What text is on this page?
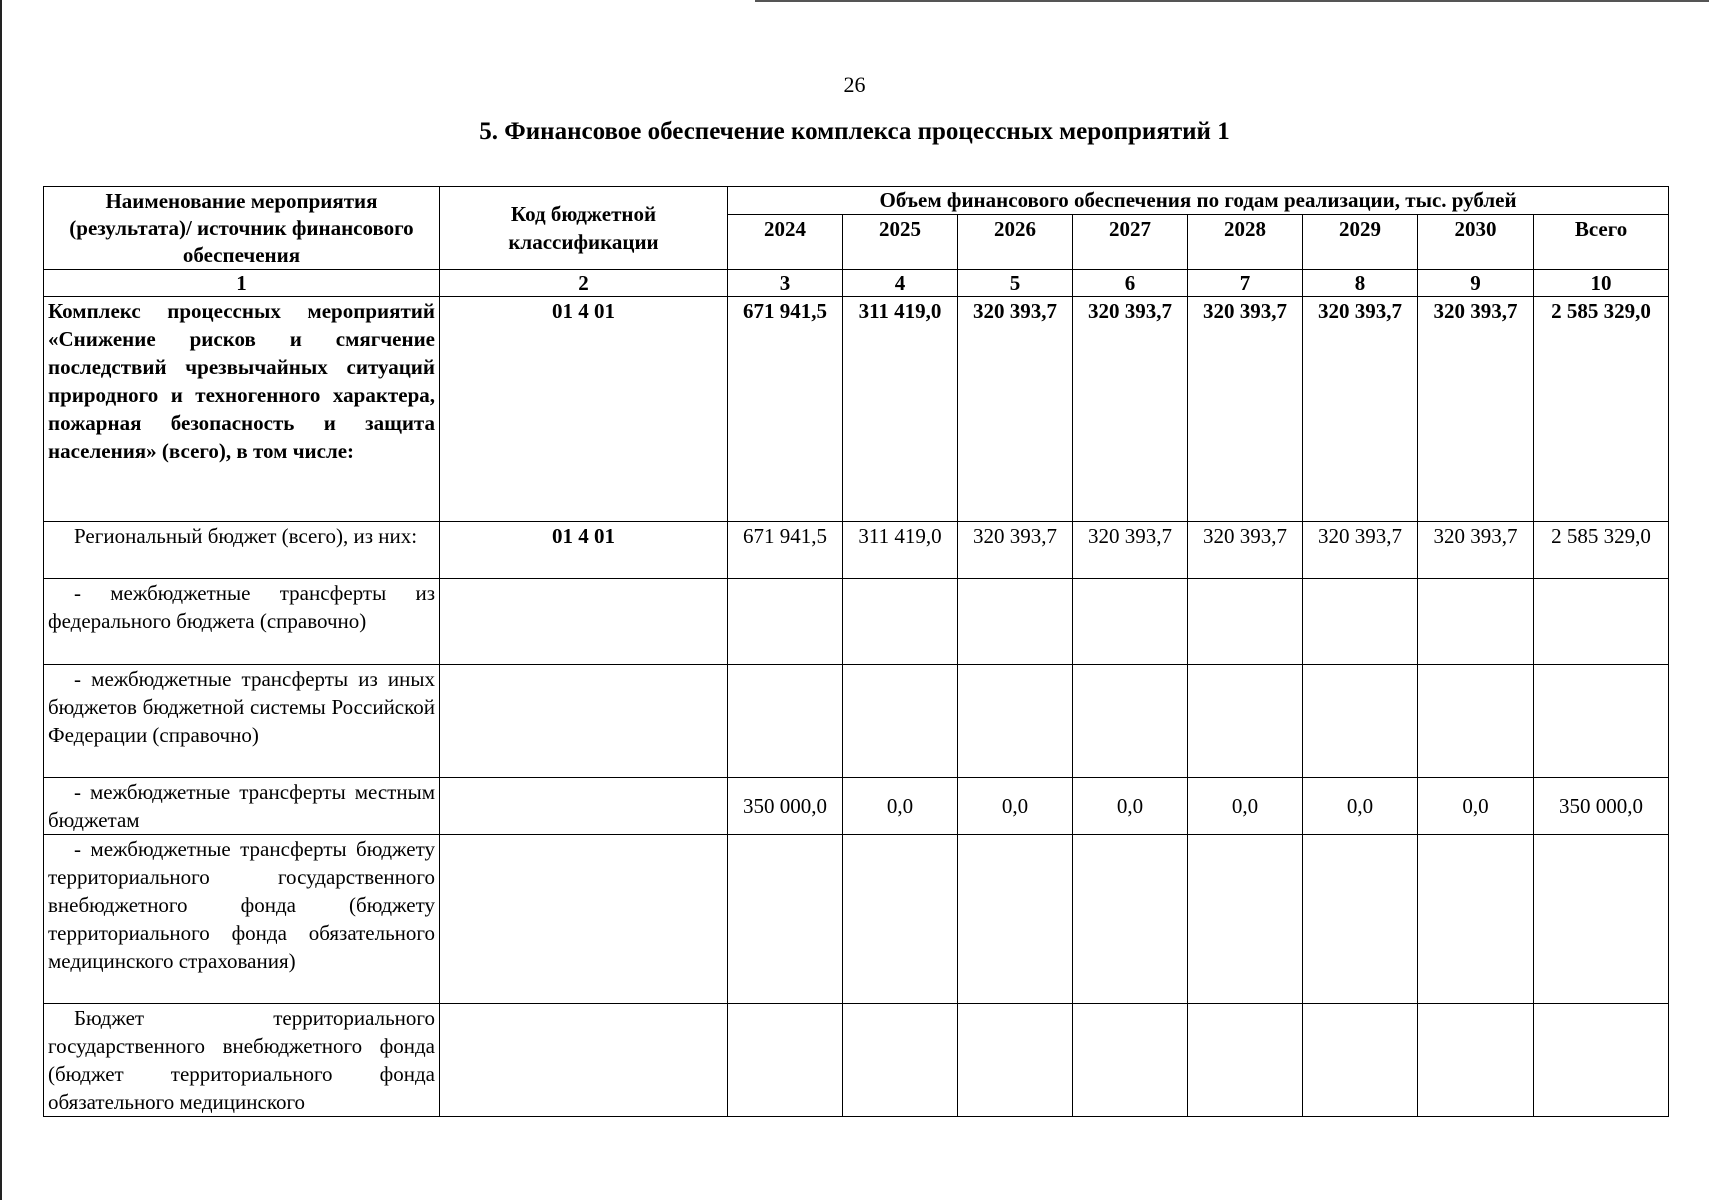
26
5. Финансовое обеспечение комплекса процессных мероприятий 1
Наименование мероприятия (результата)/ источник финансового обеспечения	Код бюджетной классификации	Объем финансового обеспечения по годам реализации, тыс. рублей							
		2024	2025	2026	2027	2028	2029	2030	Всего
1	2	3	4	5	6	7	8	9	10
Комплекс процессных мероприятий «Снижение рисков и смягчение последствий чрезвычайных ситуаций природного и техногенного характера, пожарная безопасность и защита населения» (всего), в том числе:	01 4 01	671 941,5	311 419,0	320 393,7	320 393,7	320 393,7	320 393,7	320 393,7	2 585 329,0
Региональный бюджет (всего), из них:	01 4 01	671 941,5	311 419,0	320 393,7	320 393,7	320 393,7	320 393,7	320 393,7	2 585 329,0
- межбюджетные трансферты из федерального бюджета (справочно)									
- межбюджетные трансферты из иных бюджетов бюджетной системы Российской Федерации (справочно)									
- межбюджетные трансферты местным бюджетам		350 000,0	0,0	0,0	0,0	0,0	0,0	0,0	350 000,0
- межбюджетные трансферты бюджету территориального государственного внебюджетного фонда (бюджету территориального фонда обязательного медицинского страхования)									
Бюджет территориального государственного внебюджетного фонда (бюджет территориального фонда обязательного медицинского									
